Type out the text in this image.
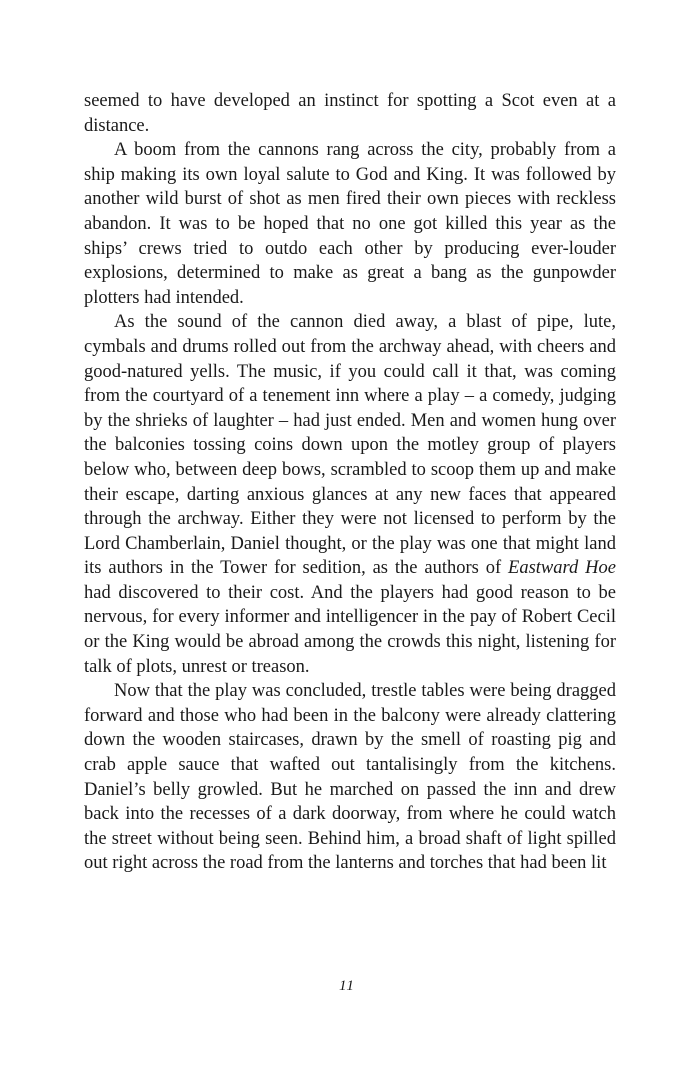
seemed to have developed an instinct for spotting a Scot even at a distance.

A boom from the cannons rang across the city, probably from a ship making its own loyal salute to God and King. It was followed by another wild burst of shot as men fired their own pieces with reckless abandon. It was to be hoped that no one got killed this year as the ships’ crews tried to outdo each other by producing ever-louder explosions, determined to make as great a bang as the gunpowder plotters had intended.

As the sound of the cannon died away, a blast of pipe, lute, cymbals and drums rolled out from the archway ahead, with cheers and good-natured yells. The music, if you could call it that, was coming from the courtyard of a tenement inn where a play – a comedy, judging by the shrieks of laughter – had just ended. Men and women hung over the balconies tossing coins down upon the motley group of players below who, between deep bows, scrambled to scoop them up and make their escape, darting anxious glances at any new faces that appeared through the archway. Either they were not licensed to perform by the Lord Chamberlain, Daniel thought, or the play was one that might land its authors in the Tower for sedition, as the authors of Eastward Hoe had discovered to their cost. And the players had good reason to be nervous, for every informer and intelligencer in the pay of Robert Cecil or the King would be abroad among the crowds this night, listening for talk of plots, unrest or treason.

Now that the play was concluded, trestle tables were being dragged forward and those who had been in the balcony were already clattering down the wooden staircases, drawn by the smell of roasting pig and crab apple sauce that wafted out tantalisingly from the kitchens. Daniel’s belly growled. But he marched on passed the inn and drew back into the recesses of a dark doorway, from where he could watch the street without being seen. Behind him, a broad shaft of light spilled out right across the road from the lanterns and torches that had been lit

11
